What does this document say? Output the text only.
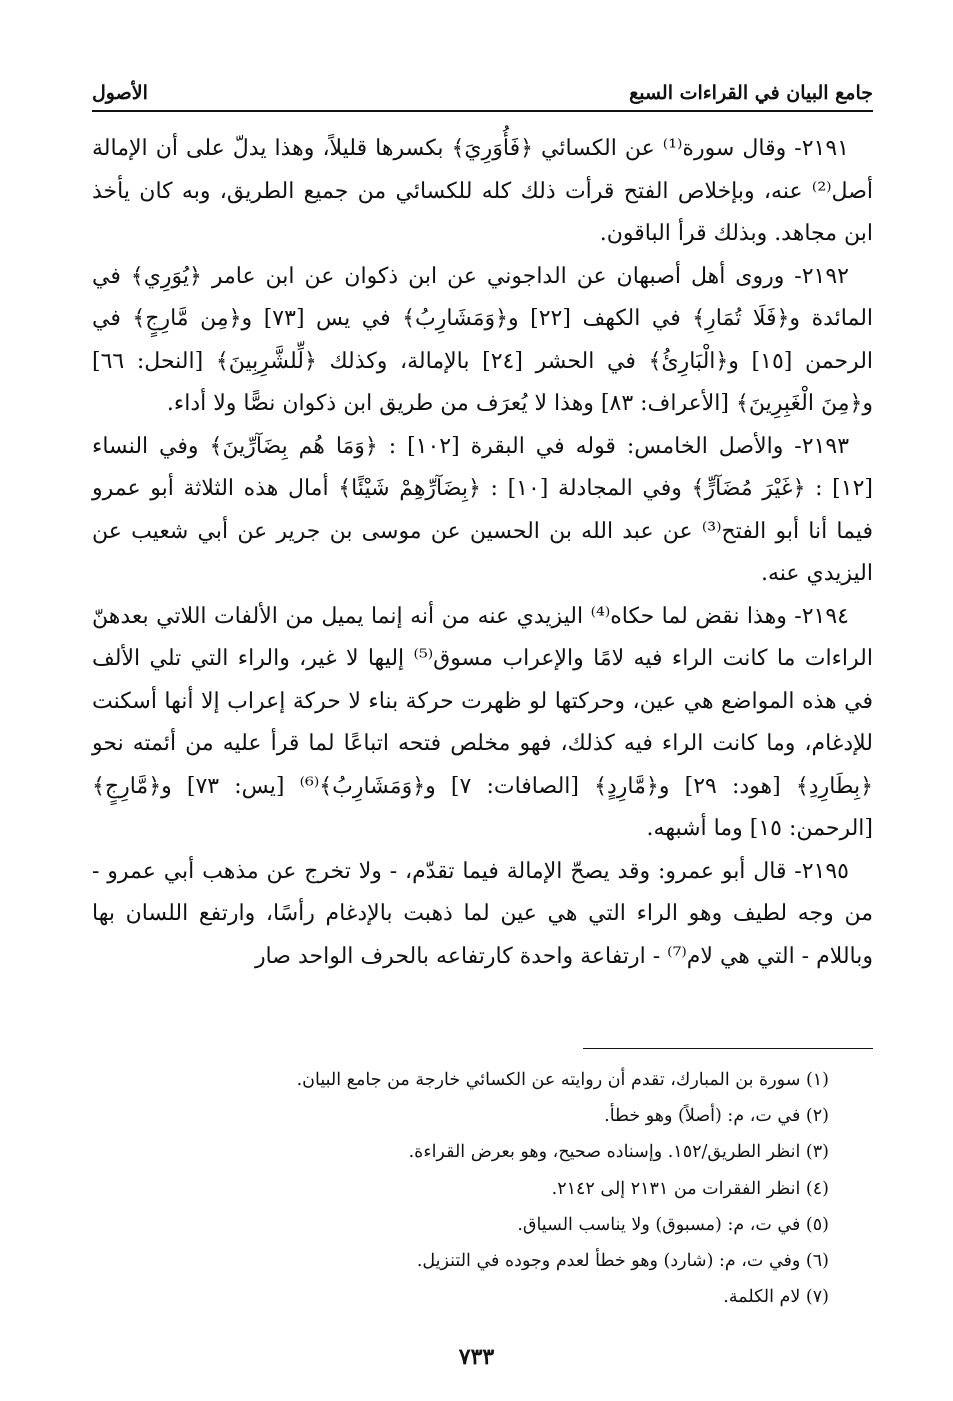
جامع البيان في القراءات السبع
الأصول

٢١٩١- وقال سورة⁽¹⁾ عن الكسائي ﴿فَأُوَرِيَ﴾ بكسرها قليلاً، وهذا يدلّ على أن الإمالة أصل⁽²⁾ عنه، وبإخلاص الفتح قرأت ذلك كله للكسائي من جميع الطريق، وبه كان يأخذ ابن مجاهد. وبذلك قرأ الباقون.

٢١٩٢- وروى أهل أصبهان عن الداجوني عن ابن ذكوان عن ابن عامر ﴿يُوَرِي﴾ في المائدة و﴿فَلَا تُمَارِ﴾ في الكهف [٢٢] و﴿وَمَشَارِبُ﴾ في يس [٧٣] و﴿مِن مَّارِجٍ﴾ في الرحمن [١٥] و﴿الْبَارِئُ﴾ في الحشر [٢٤] بالإمالة، وكذلك ﴿لِّلشَّرِبِينَ﴾ [النحل: ٦٦] و﴿مِنَ الْغَبِرِينَ﴾ [الأعراف: ٨٣] وهذا لا يُعرَف من طريق ابن ذكوان نصًّا ولا أداء.

٢١٩٣- والأصل الخامس: قوله في البقرة [١٠٢] : ﴿وَمَا هُم بِضَآرِّينَ﴾ وفي النساء [١٢] : ﴿غَيْرَ مُضَآرٍّ﴾ وفي المجادلة [١٠] : ﴿بِضَآرِّهِمْ شَيْئًا﴾ أمال هذه الثلاثة أبو عمرو فيما أنا أبو الفتح⁽³⁾ عن عبد الله بن الحسين عن موسى بن جرير عن أبي شعيب عن اليزيدي عنه.

٢١٩٤- وهذا نقض لما حكاه⁽⁴⁾ اليزيدي عنه من أنه إنما يميل من الألفات اللاتي بعدهنّ الراءات ما كانت الراء فيه لامًا والإعراب مسوق⁽⁵⁾ إليها لا غير، والراء التي تلي الألف في هذه المواضع هي عين، وحركتها لو ظهرت حركة بناء لا حركة إعراب إلا أنها أسكنت للإدغام، وما كانت الراء فيه كذلك، فهو مخلص فتحه اتباعًا لما قرأ عليه من أئمته نحو ﴿بِطَارِدِ﴾ [هود: ٢٩] و﴿مَّارِدٍ﴾ [الصافات: ٧] و﴿وَمَشَارِبُ﴾⁽⁶⁾ [يس: ٧٣] و﴿مَّارِجٍ﴾ [الرحمن: ١٥] وما أشبهه.

٢١٩٥- قال أبو عمرو: وقد يصحّ الإمالة فيما تقدّم، - ولا تخرج عن مذهب أبي عمرو - من وجه لطيف وهو الراء التي هي عين لما ذهبت بالإدغام رأسًا، وارتفع اللسان بها وباللام - التي هي لام⁽⁷⁾ - ارتفاعة واحدة كارتفاعه بالحرف الواحد صار

(١) سورة بن المبارك، تقدم أن روايته عن الكسائي خارجة من جامع البيان.

(٢) في ت، م: (أصلاً) وهو خطأ.

(٣) انظر الطريق/١٥٢. وإسناده صحيح، وهو بعرض القراءة.

(٤) انظر الفقرات من ٢١٣١ إلى ٢١٤٢.

(٥) في ت، م: (مسبوق) ولا يناسب السياق.

(٦) وفي ت، م: (شارد) وهو خطأ لعدم وجوده في التنزيل.

(٧) لام الكلمة.

٧٣٣
